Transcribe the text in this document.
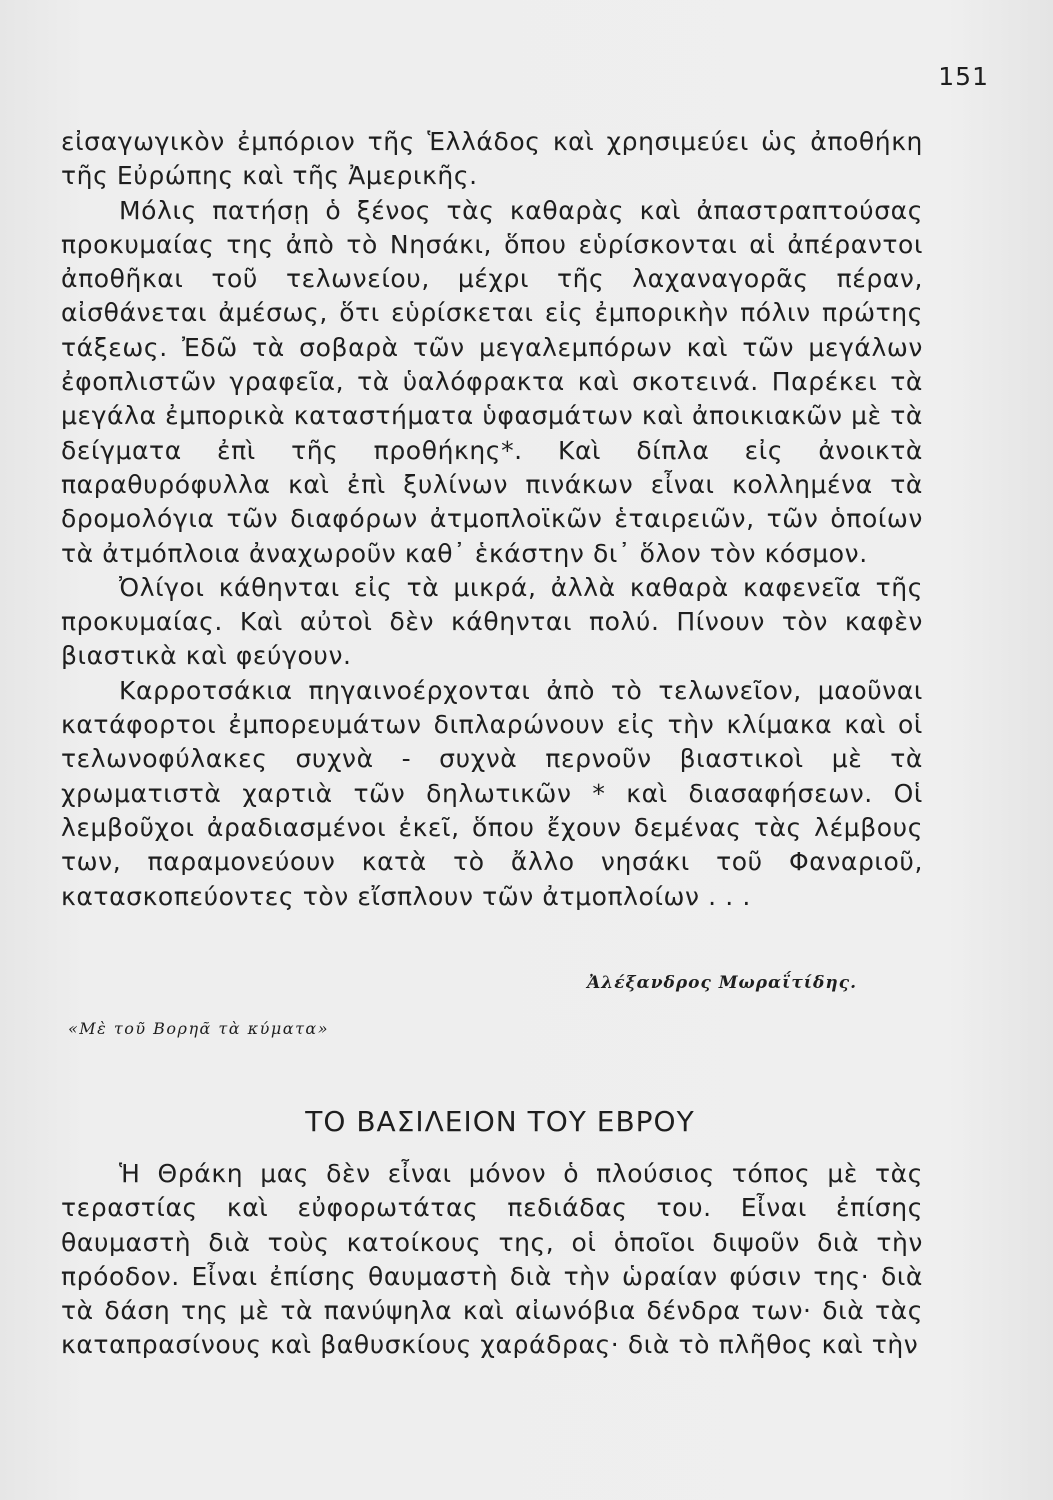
151

εἰσαγωγικὸν ἐμπόριον τῆς Ἑλλάδος καὶ χρησιμεύει ὡς ἀποθήκη τῆς Εὐρώπης καὶ τῆς Ἀμερικῆς.

Μόλις πατήσῃ ὁ ξένος τὰς καθαρὰς καὶ ἀπαστραπτούσας προκυμαίας της ἀπὸ τὸ Νησάκι, ὅπου εὑρίσκονται αἱ ἀπέραντοι ἀποθῆκαι τοῦ τελωνείου, μέχρι τῆς λαχαναγορᾶς πέραν, αἰσθάνεται ἀμέσως, ὅτι εὑρίσκεται εἰς ἐμπορικὴν πόλιν πρώτης τάξεως. Ἐδῶ τὰ σοβαρὰ τῶν μεγαλεμπόρων καὶ τῶν μεγάλων ἐφοπλιστῶν γραφεῖα, τὰ ὑαλόφρακτα καὶ σκοτεινά. Παρέκει τὰ μεγάλα ἐμπορικὰ καταστήματα ὑφασμάτων καὶ ἀποικιακῶν μὲ τὰ δείγματα ἐπὶ τῆς προθήκης*. Καὶ δίπλα εἰς ἀνοικτὰ παραθυρόφυλλα καὶ ἐπὶ ξυλίνων πινάκων εἶναι κολλημένα τὰ δρομολόγια τῶν διαφόρων ἀτμοπλοϊκῶν ἑταιρειῶν, τῶν ὁποίων τὰ ἀτμόπλοια ἀναχωροῦν καθ᾽ ἑκάστην δι᾽ ὅλον τὸν κόσμον.

Ὀλίγοι κάθηνται εἰς τὰ μικρά, ἀλλὰ καθαρὰ καφενεῖα τῆς προκυμαίας. Καὶ αὐτοὶ δὲν κάθηνται πολύ. Πίνουν τὸν καφὲν βιαστικὰ καὶ φεύγουν.

Καρροτσάκια πηγαινοέρχονται ἀπὸ τὸ τελωνεῖον, μαοῦναι κατάφορτοι ἐμπορευμάτων διπλαρώνουν εἰς τὴν κλίμακα καὶ οἱ τελωνοφύλακες συχνὰ - συχνὰ περνοῦν βιαστικοὶ μὲ τὰ χρωματιστὰ χαρτιὰ τῶν δηλωτικῶν * καὶ διασαφήσεων. Οἱ λεμβοῦχοι ἀραδιασμένοι ἐκεῖ, ὅπου ἔχουν δεμένας τὰς λέμβους των, παραμονεύουν κατὰ τὸ ἄλλο νησάκι τοῦ Φαναριοῦ, κατασκοπεύοντες τὸν εἴσπλουν τῶν ἀτμοπλοίων . . .

Ἀλέξανδρος Μωραΐτίδης.
«Μὲ τοῦ Βορηᾶ τὰ κύματα»
ΤΟ ΒΑΣΙΛΕΙΟΝ ΤΟΥ ΕΒΡΟΥ

Ἡ Θράκη μας δὲν εἶναι μόνον ὁ πλούσιος τόπος μὲ τὰς τεραστίας καὶ εὐφορωτάτας πεδιάδας του. Εἶναι ἐπίσης θαυμαστὴ διὰ τοὺς κατοίκους της, οἱ ὁποῖοι διψοῦν διὰ τὴν πρόοδον. Εἶναι ἐπίσης θαυμαστὴ διὰ τὴν ὡραίαν φύσιν της· διὰ τὰ δάση της μὲ τὰ πανύψηλα καὶ αἰωνόβια δένδρα των· διὰ τὰς καταπρασίνους καὶ βαθυσκίους χαράδρας· διὰ τὸ πλῆθος καὶ τὴν
